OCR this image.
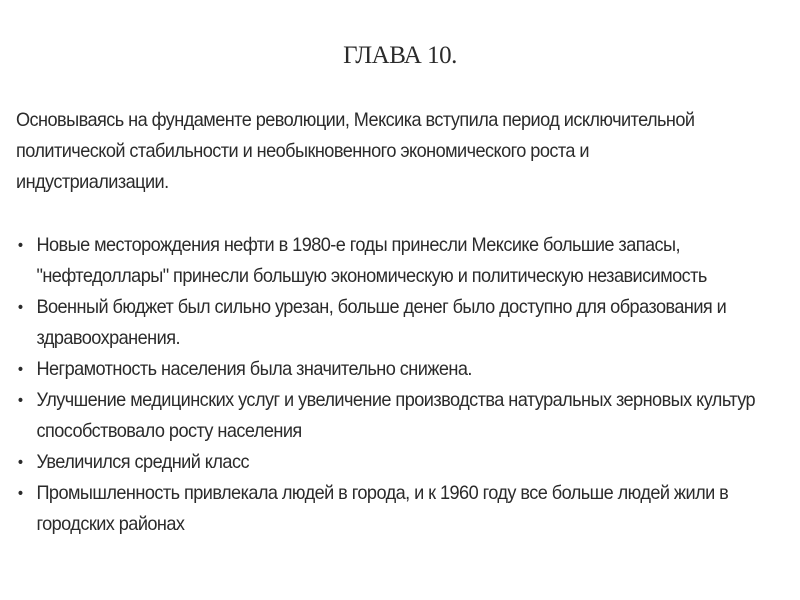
ГЛАВА 10.
Основываясь на фундаменте революции, Мексика вступила период исключительной политической стабильности и необыкновенного экономического роста и индустриализации.
• Новые месторождения нефти в 1980-е годы принесли Мексике большие запасы, "нефтедоллары" принесли большую экономическую и политическую независимость
• Военный бюджет был сильно урезан, больше денег было доступно для образования и здравоохранения.
• Неграмотность населения была значительно снижена.
• Улучшение медицинских услуг и увеличение производства натуральных зерновых культур способствовало росту населения
• Увеличился средний класс
• Промышленность привлекала людей в города, и к 1960 году все больше людей жили в городских районах
